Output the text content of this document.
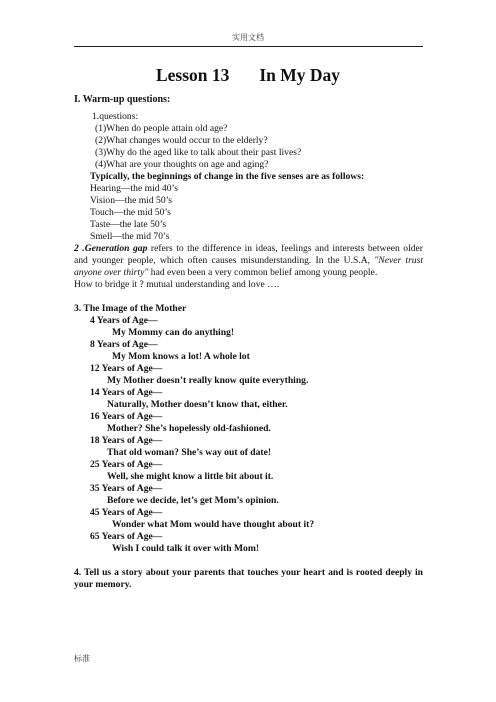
实用文档
Lesson 13 In My Day
I. Warm-up questions:
1.questions:
(1)When do people attain old age?
(2)What changes would occur to the elderly?
(3)Why do the aged like to talk about their past lives?
(4)What are your thoughts on age and aging?
Typically, the beginnings of change in the five senses are as follows:
Hearing—the mid 40’s
Vision—the mid 50’s
Touch—the mid 50’s
Taste—the late 50’s
Smell—the mid 70’s
2 .Generation gap refers to the difference in ideas, feelings and interests between older and younger people, which often causes misunderstanding. In the U.S.A, "Never trust anyone over thirty" had even been a very common belief among young people.
How to bridge it ? mutual understanding and love ….
3. The Image of the Mother
4 Years of Age—
My Mommy can do anything!
8 Years of Age—
My Mom knows a lot! A whole lot
12 Years of Age—
My Mother doesn’t really know quite everything.
14 Years of Age—
Naturally, Mother doesn’t know that, either.
16 Years of Age—
Mother? She’s hopelessly old-fashioned.
18 Years of Age—
That old woman? She’s way out of date!
25 Years of Age—
Well, she might know a little bit about it.
35 Years of Age—
Before we decide, let’s get Mom’s opinion.
45 Years of Age—
Wonder what Mom would have thought about it?
65 Years of Age—
Wish I could talk it over with Mom!
4. Tell us a story about your parents that touches your heart and is rooted deeply in your memory.
标准
